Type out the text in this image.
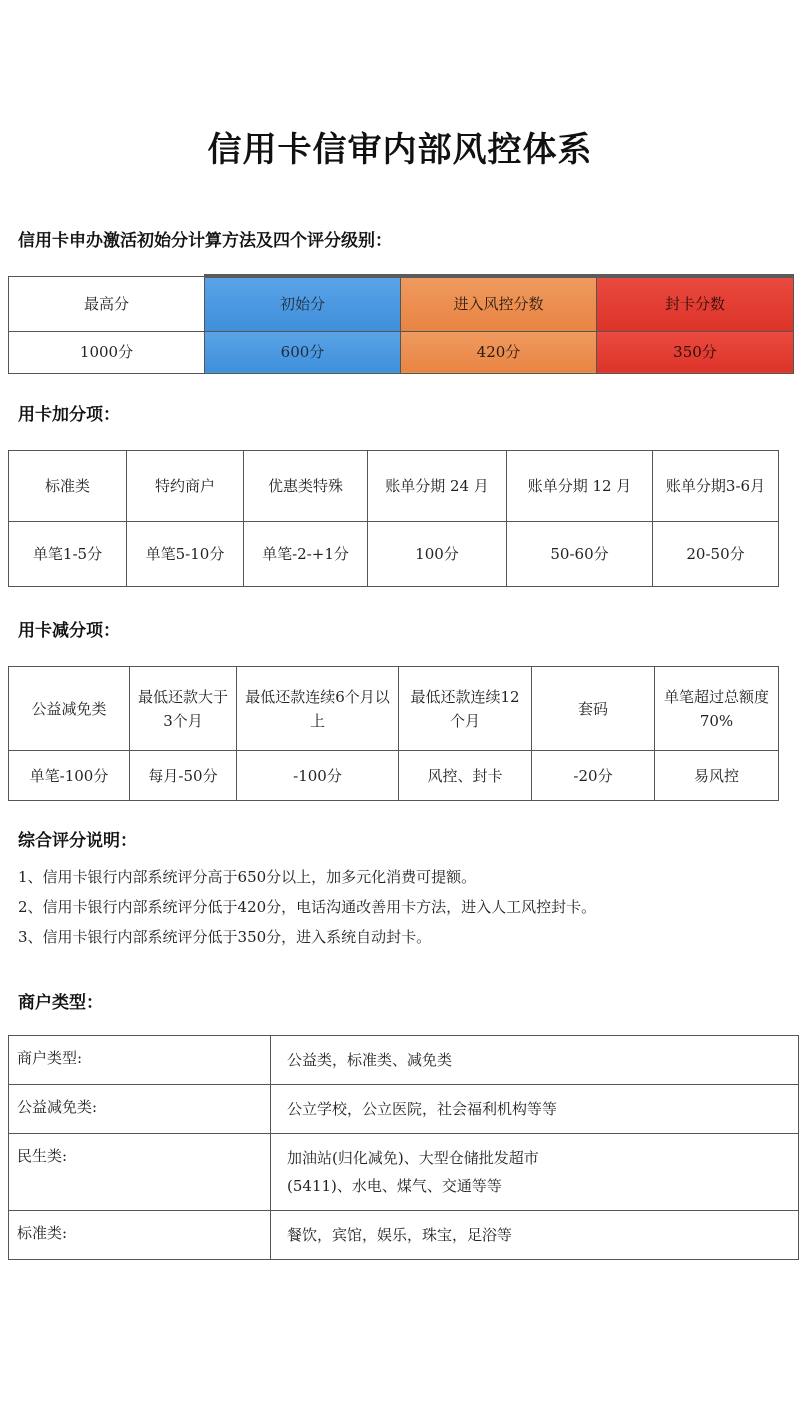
信用卡信审内部风控体系
信用卡申办激活初始分计算方法及四个评分级别：
最高分	初始分	进入风控分数	封卡分数
1000分	600分	420分	350分
用卡加分项：
标准类	特约商户	优惠类特殊	账单分期 24 月	账单分期 12 月	账单分期3-6月
单笔1-5分	单笔5-10分	单笔-2-+1分	100分	50-60分	20-50分
用卡减分项：
公益减免类	最低还款大于3个月	最低还款连续6个月以上	最低还款连续12个月	套码	单笔超过总额度70%
单笔-100分	每月-50分	-100分	风控、封卡	-20分	易风控
综合评分说明：
1、信用卡银行内部系统评分高于650分以上，加多元化消费可提额。
2、信用卡银行内部系统评分低于420分，电话沟通改善用卡方法，进入人工风控封卡。
3、信用卡银行内部系统评分低于350分，进入系统自动封卡。
商户类型：
商户类型:	公益类，标准类、减免类
公益减免类:	公立学校，公立医院，社会福利机构等等
民生类:	加油站(归化减免)、大型仓储批发超市(5411)、水电、煤气、交通等等
标准类:	餐饮，宾馆，娱乐，珠宝，足浴等
